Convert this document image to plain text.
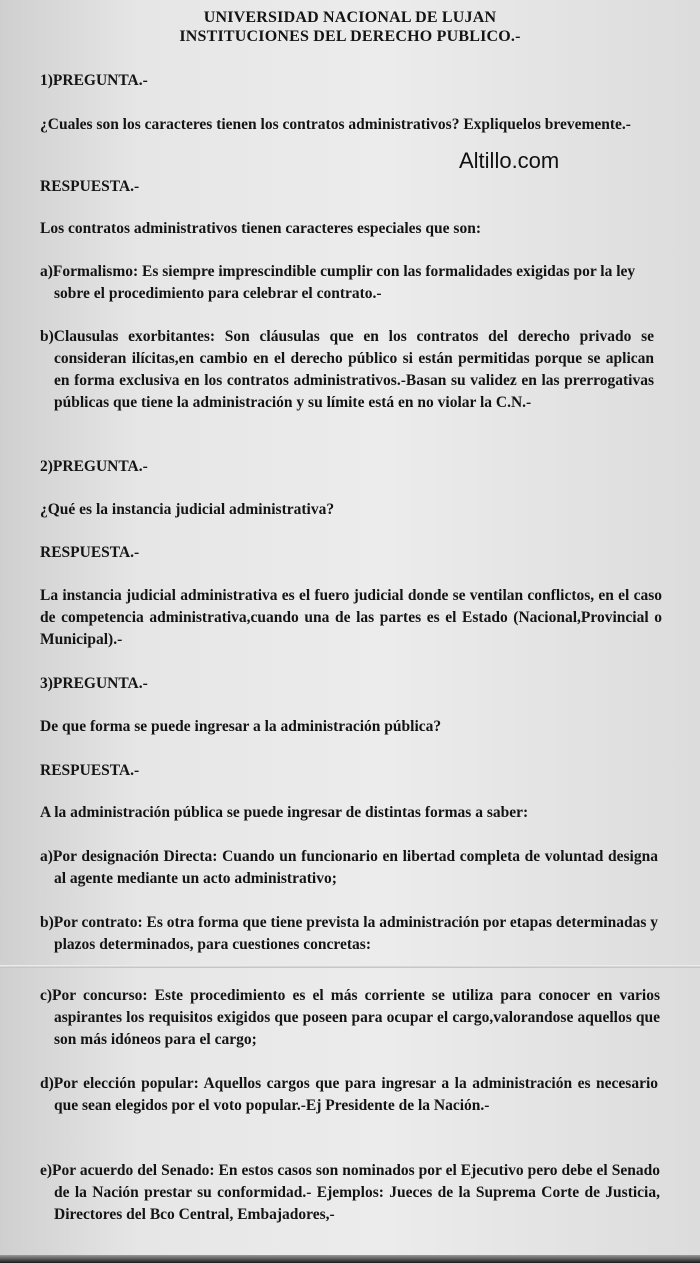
UNIVERSIDAD NACIONAL DE LUJAN
INSTITUCIONES DEL DERECHO PUBLICO.-
Altillo.com
1)PREGUNTA.-
¿Cuales son los caracteres tienen los contratos administrativos? Expliquelos brevemente.-
RESPUESTA.-
Los contratos administrativos tienen caracteres especiales que son:
a)Formalismo: Es siempre imprescindible cumplir con las formalidades exigidas por la ley sobre el procedimiento para celebrar el contrato.-
b)Clausulas exorbitantes: Son cláusulas que en los contratos del derecho privado se consideran ilícitas,en cambio en el derecho público si están permitidas porque se aplican en forma exclusiva en los contratos administrativos.-Basan su validez en las prerrogativas públicas que tiene la administración y su límite está en no violar la C.N.-
2)PREGUNTA.-
¿Qué es la instancia judicial administrativa?
RESPUESTA.-
La instancia judicial administrativa es el fuero judicial donde se ventilan conflictos, en el caso de competencia administrativa,cuando una de las partes es el Estado (Nacional,Provincial o Municipal).-
3)PREGUNTA.-
De que forma se puede ingresar a la administración pública?
RESPUESTA.-
A la administración pública se puede ingresar de distintas formas a saber:
a)Por designación Directa: Cuando un funcionario en libertad completa de voluntad designa al agente mediante un acto administrativo;
b)Por contrato: Es otra forma que tiene prevista la administración por etapas determinadas y plazos determinados, para cuestiones concretas:
c)Por concurso: Este procedimiento es el más corriente se utiliza para conocer en varios aspirantes los requisitos exigidos que poseen para ocupar el cargo,valorandose aquellos que son más idóneos para el cargo;
d)Por elección popular: Aquellos cargos que para ingresar a la administración es necesario que sean elegidos por el voto popular.-Ej Presidente de la Nación.-
e)Por acuerdo del Senado: En estos casos son nominados por el Ejecutivo pero debe el Senado de la Nación prestar su conformidad.- Ejemplos: Jueces de la Suprema Corte de Justicia, Directores del Bco Central, Embajadores,-
